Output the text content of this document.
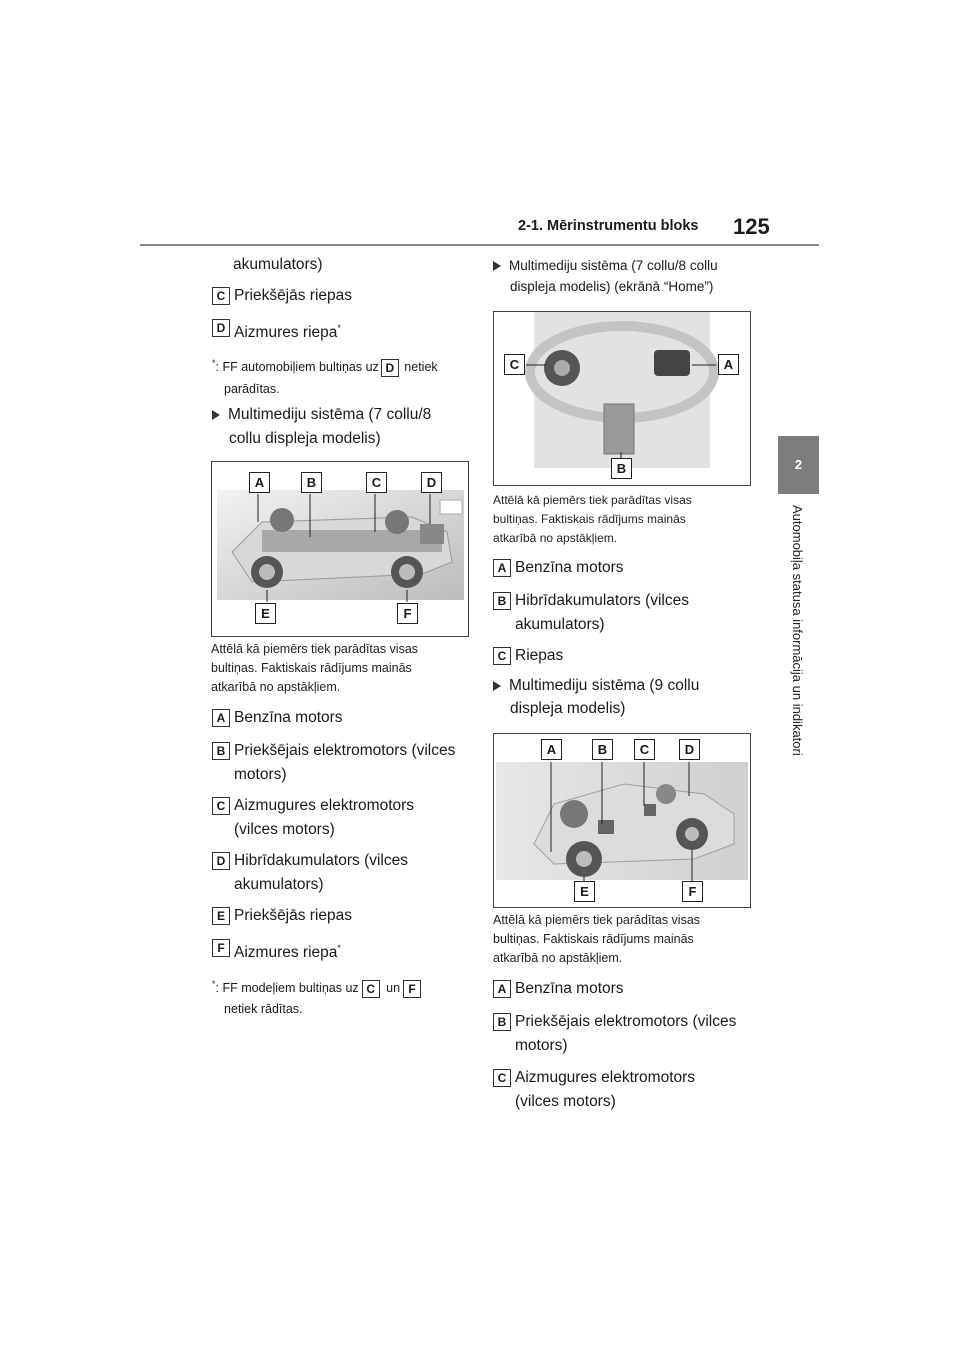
2-1. Mērinstrumentu bloks 125
2
Automobiļa statusa informācija un indikatori
akumulators)
C Priekšējās riepas
D Aizmures riepa*
*: FF automobiļiem bultiņas uz D netiek
parādītas.
Multimediju sistēma (7 collu/8
collu displeja modelis)
A	B	C	D
E	F
Attēlā kā piemērs tiek parādītas visas
bultiņas. Faktiskais rādījums mainās
atkarībā no apstākļiem.
A Benzīna motors
B Priekšējais elektromotors (vilces
motors)
C Aizmugures elektromotors
(vilces motors)
D Hibrīdakumulators (vilces
akumulators)
E Priekšējās riepas
F Aizmures riepa*
*: FF modeļiem bultiņas uz C un F
netiek rādītas.
Multimediju sistēma (7 collu/8 collu
displeja modelis) (ekrānā “Home”)
C	A
B
Attēlā kā piemērs tiek parādītas visas
bultiņas. Faktiskais rādījums mainās
atkarībā no apstākļiem.
A Benzīna motors
B Hibrīdakumulators (vilces
akumulators)
C Riepas
Multimediju sistēma (9 collu
displeja modelis)
A	B	C	D
E	F
Attēlā kā piemērs tiek parādītas visas
bultiņas. Faktiskais rādījums mainās
atkarībā no apstākļiem.
A Benzīna motors
B Priekšējais elektromotors (vilces
motors)
C Aizmugures elektromotors
(vilces motors)
